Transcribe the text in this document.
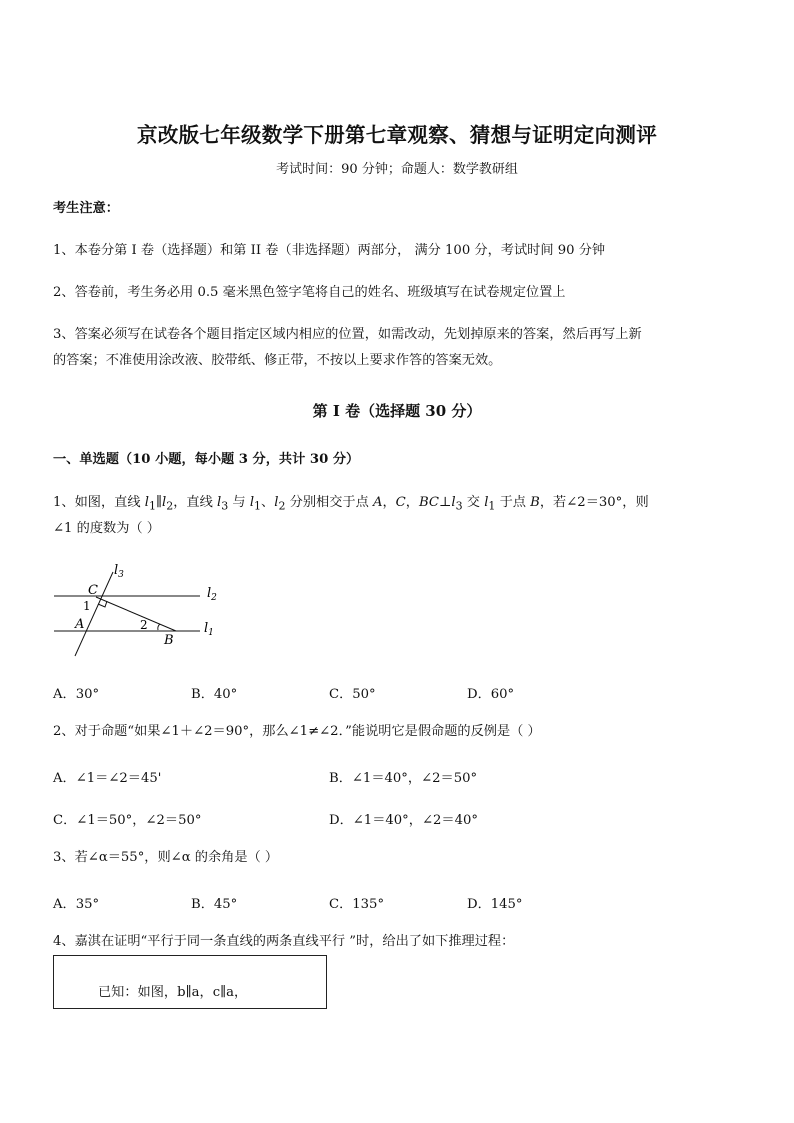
京改版七年级数学下册第七章观察、猜想与证明定向测评
考试时间：90 分钟；命题人：数学教研组
考生注意：
1、本卷分第 I 卷（选择题）和第 II 卷（非选择题）两部分， 满分 100 分，考试时间 90 分钟
2、答卷前，考生务必用 0.5 毫米黑色签字笔将自己的姓名、班级填写在试卷规定位置上
3、答案必须写在试卷各个题目指定区域内相应的位置，如需改动，先划掉原来的答案，然后再写上新
的答案；不准使用涂改液、胶带纸、修正带，不按以上要求作答的答案无效。
第 I 卷（选择题 30 分）
一、单选题（10 小题，每小题 3 分，共计 30 分）
1、如图，直线 $l_1\parallel l_2$，直线 $l_3$ 与 $l_1$、$l_2$ 分别相交于点 A，C，$BC\perp l_3$ 交 $l_1$ 于点 B，若∠2＝30°，则
∠1 的度数为（ ）
$l_3$
$l_2$
$l_1$
C
1
A	2
B
A．30°	B．40°	C．50°	D．60°
2、对于命题“如果∠1＋∠2＝90°，那么∠1≠∠2．”能说明它是假命题的反例是（ ）
A．∠1＝∠2＝45'	B．∠1＝40°，∠2＝50°
C．∠1＝50°，∠2＝50°	D．∠1＝40°，∠2＝40°
3、若∠α＝55°，则∠α 的余角是（ ）
A．35°	B．45°	C．135°	D．145°
4、嘉淇在证明“平行于同一条直线的两条直线平行 ”时，给出了如下推理过程：
已知：如图，b∥a，c∥a，
